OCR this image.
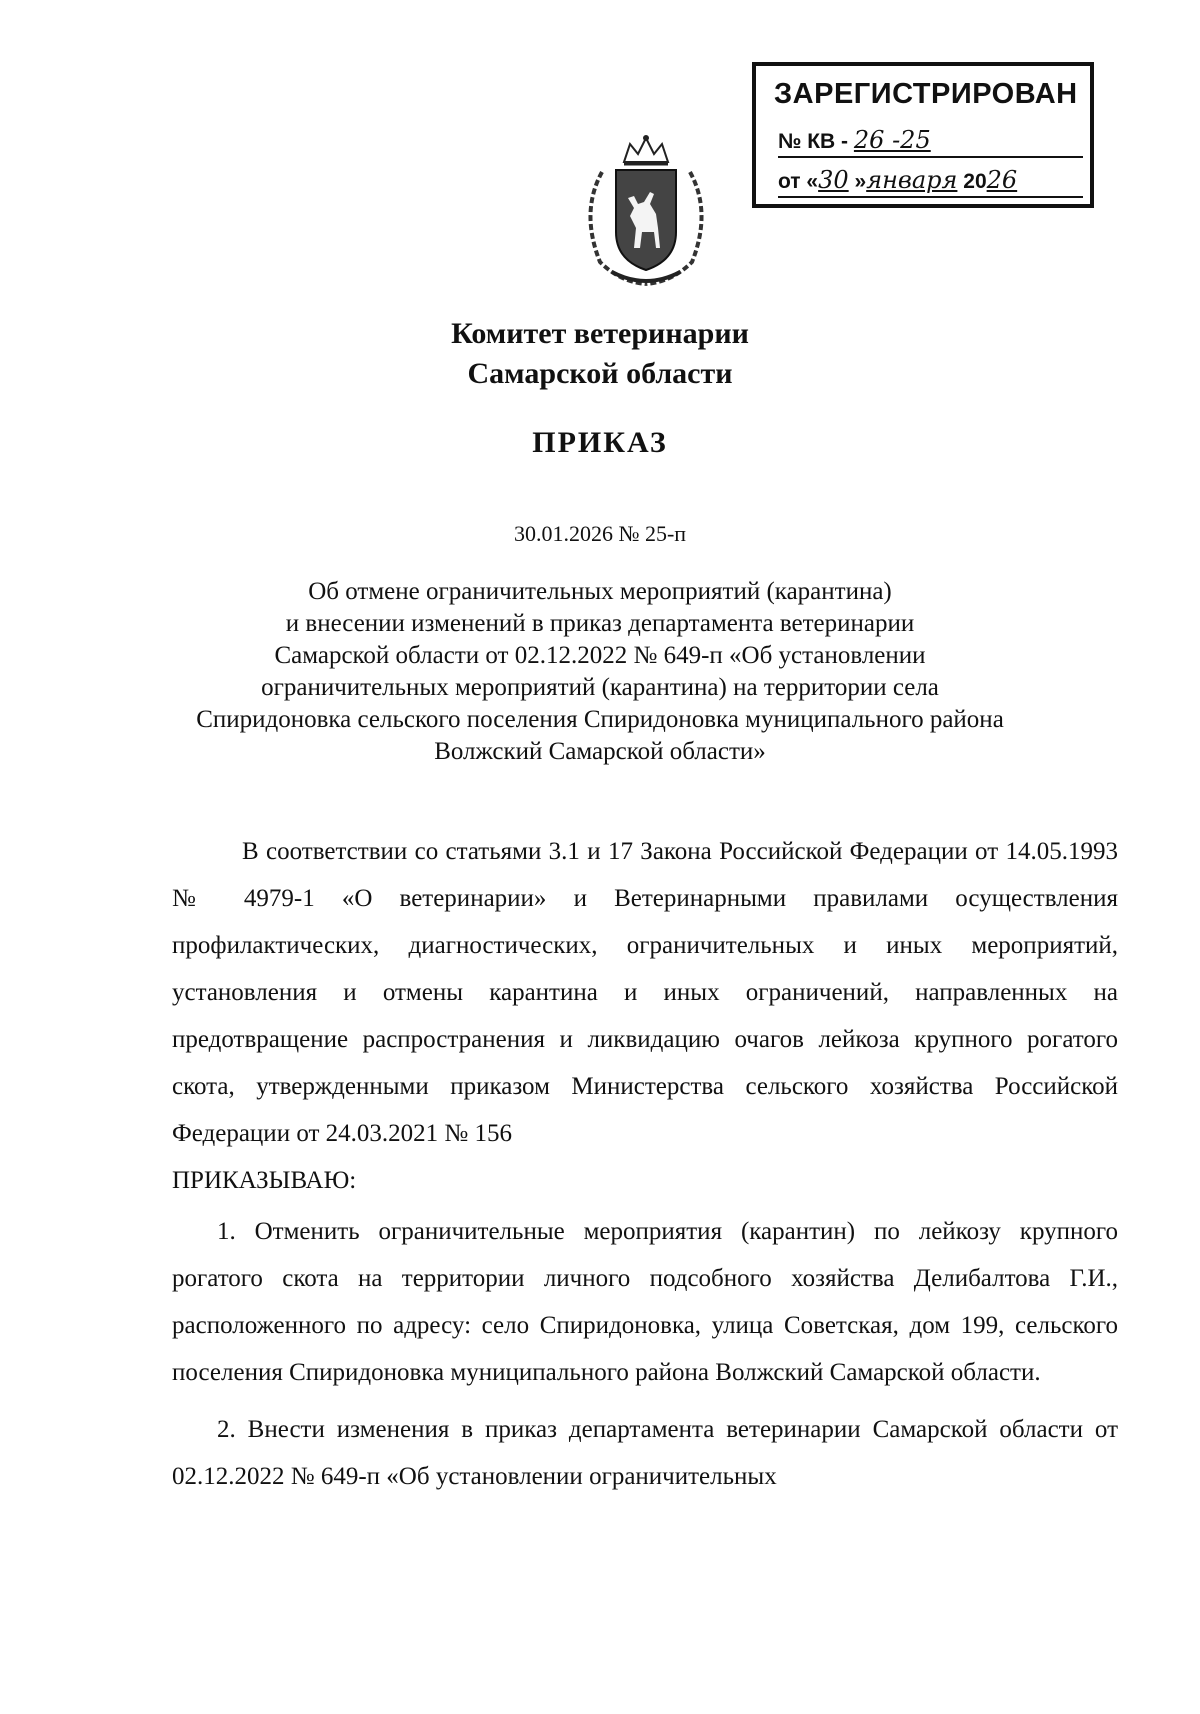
ЗАРЕГИСТРИРОВАН
№ КВ - 26 -25
от «30 »января 2026
Комитет ветеринарии
Самарской области
ПРИКАЗ
30.01.2026 № 25-п
Об отмене ограничительных мероприятий (карантина)
и внесении изменений в приказ департамента ветеринарии
Самарской области от 02.12.2022 № 649-п «Об установлении
ограничительных мероприятий (карантина) на территории села
Спиридоновка сельского поселения Спиридоновка муниципального района
Волжский Самарской области»

В соответствии со статьями 3.1 и 17 Закона Российской Федерации от 14.05.1993 № 4979-1 «О ветеринарии» и Ветеринарными правилами осуществления профилактических, диагностических, ограничительных и иных мероприятий, установления и отмены карантина и иных ограничений, направленных на предотвращение распространения и ликвидацию очагов лейкоза крупного рогатого скота, утвержденными приказом Министерства сельского хозяйства Российской Федерации от 24.03.2021 № 156

ПРИКАЗЫВАЮ:

1. Отменить ограничительные мероприятия (карантин) по лейкозу крупного рогатого скота на территории личного подсобного хозяйства Делибалтова Г.И., расположенного по адресу: село Спиридоновка, улица Советская, дом 199, сельского поселения Спиридоновка муниципального района Волжский Самарской области.

2. Внести изменения в приказ департамента ветеринарии Самарской области от 02.12.2022 № 649-п «Об установлении ограничительных
